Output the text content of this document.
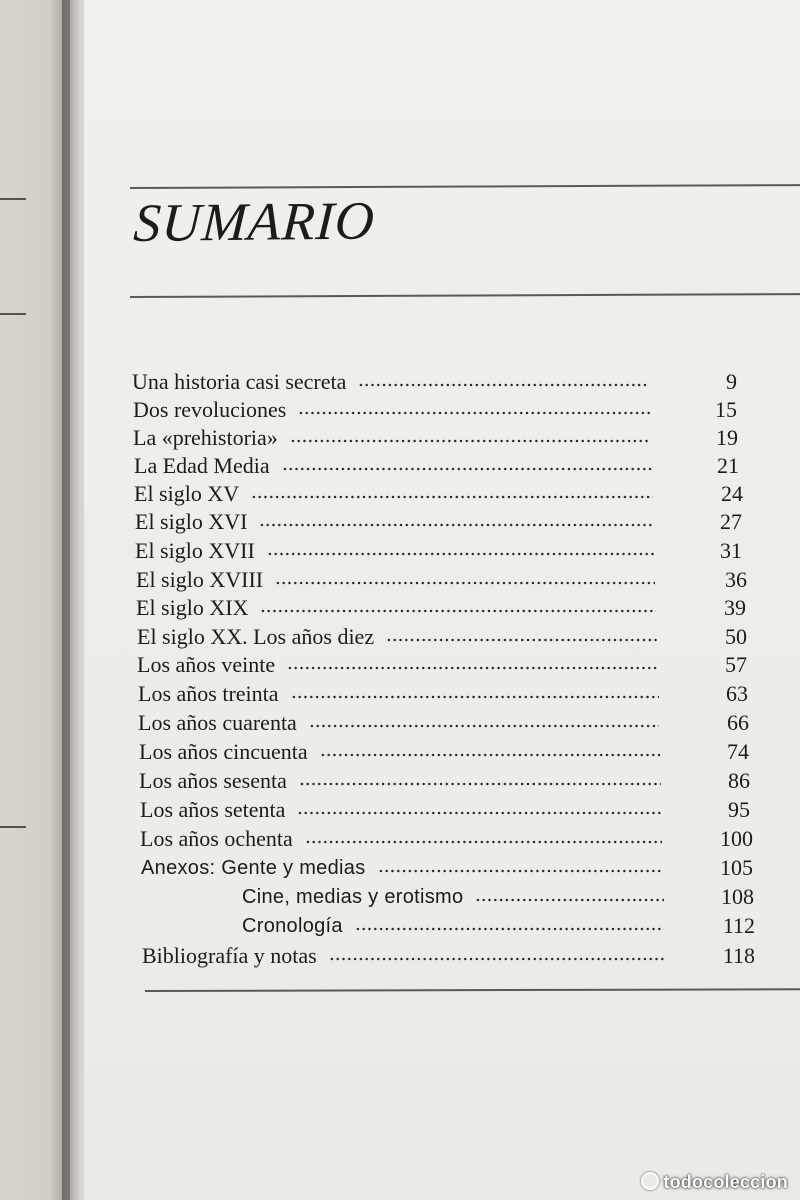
SUMARIO
Una historia casi secreta	9
Dos revoluciones	15
La «prehistoria»	19
La Edad Media	21
El siglo XV	24
El siglo XVI	27
El siglo XVII	31
El siglo XVIII	36
El siglo XIX	39
El siglo XX. Los años diez	50
Los años veinte	57
Los años treinta	63
Los años cuarenta	66
Los años cincuenta	74
Los años sesenta	86
Los años setenta	95
Los años ochenta	100
Anexos: Gente y medias	105
Cine, medias y erotismo	108
Cronología	112
Bibliografía y notas	118
todocoleccion
